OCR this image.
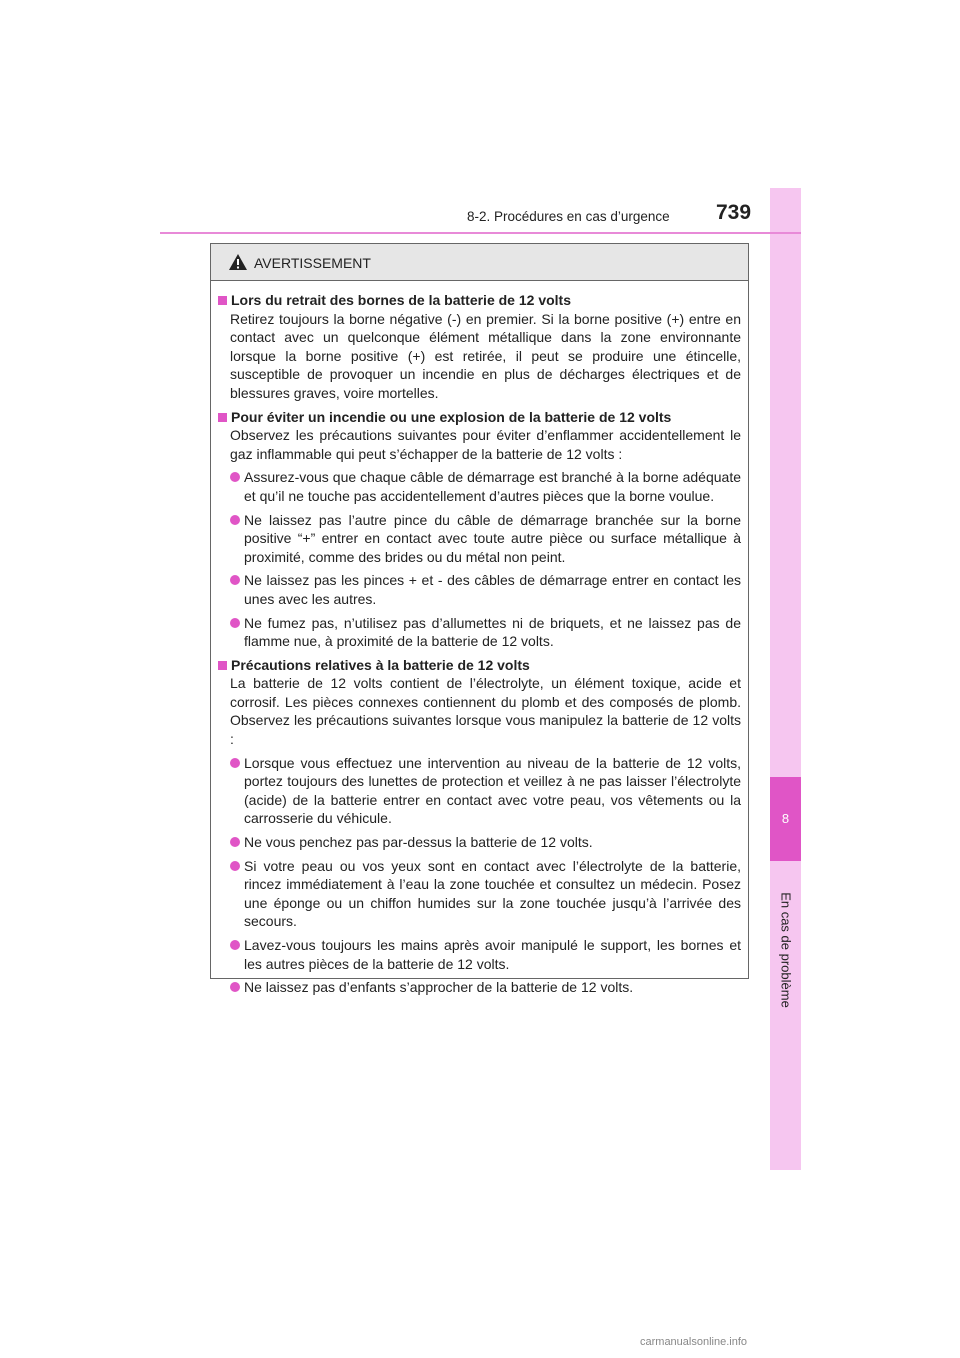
8
En cas de problème
8-2. Procédures en cas d’urgence 739
AVERTISSEMENT
Lors du retrait des bornes de la batterie de 12 volts
Retirez toujours la borne négative (-) en premier. Si la borne positive (+) entre en contact avec un quelconque élément métallique dans la zone environnante lorsque la borne positive (+) est retirée, il peut se produire une étincelle, susceptible de provoquer un incendie en plus de décharges électriques et de blessures graves, voire mortelles.
Pour éviter un incendie ou une explosion de la batterie de 12 volts
Observez les précautions suivantes pour éviter d’enflammer accidentellement le gaz inflammable qui peut s’échapper de la batterie de 12 volts :
Assurez-vous que chaque câble de démarrage est branché à la borne adéquate et qu’il ne touche pas accidentellement d’autres pièces que la borne voulue.
Ne laissez pas l’autre pince du câble de démarrage branchée sur la borne positive “+” entrer en contact avec toute autre pièce ou surface métallique à proximité, comme des brides ou du métal non peint.
Ne laissez pas les pinces + et - des câbles de démarrage entrer en contact les unes avec les autres.
Ne fumez pas, n’utilisez pas d’allumettes ni de briquets, et ne laissez pas de flamme nue, à proximité de la batterie de 12 volts.
Précautions relatives à la batterie de 12 volts
La batterie de 12 volts contient de l’électrolyte, un élément toxique, acide et corrosif. Les pièces connexes contiennent du plomb et des composés de plomb. Observez les précautions suivantes lorsque vous manipulez la batterie de 12 volts :
Lorsque vous effectuez une intervention au niveau de la batterie de 12 volts, portez toujours des lunettes de protection et veillez à ne pas laisser l’électrolyte (acide) de la batterie entrer en contact avec votre peau, vos vêtements ou la carrosserie du véhicule.
Ne vous penchez pas par-dessus la batterie de 12 volts.
Si votre peau ou vos yeux sont en contact avec l’électrolyte de la batterie, rincez immédiatement à l’eau la zone touchée et consultez un médecin. Posez une éponge ou un chiffon humides sur la zone touchée jusqu’à l’arrivée des secours.
Lavez-vous toujours les mains après avoir manipulé le support, les bornes et les autres pièces de la batterie de 12 volts.
Ne laissez pas d’enfants s’approcher de la batterie de 12 volts.
carmanualsonline.info
